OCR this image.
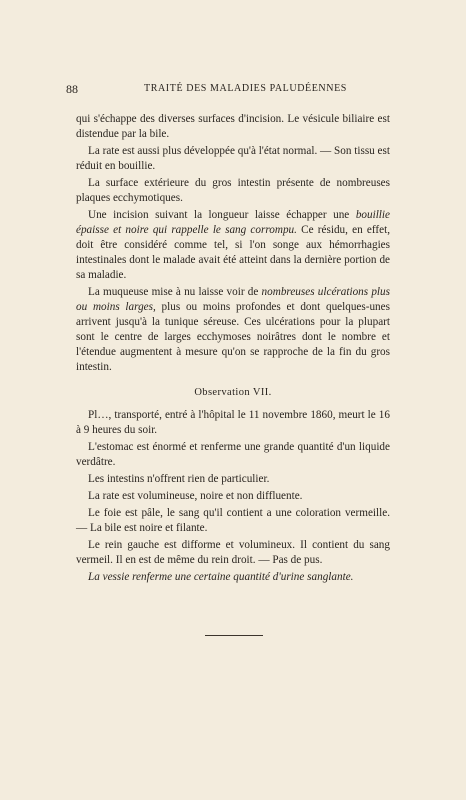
88	TRAITÉ DES MALADIES PALUDÉENNES

qui s'échappe des diverses surfaces d'incision. Le vésicule biliaire est distendue par la bile.

La rate est aussi plus développée qu'à l'état normal. — Son tissu est réduit en bouillie.

La surface extérieure du gros intestin présente de nombreuses plaques ecchymotiques.

Une incision suivant la longueur laisse échapper une bouillie épaisse et noire qui rappelle le sang corrompu. Ce résidu, en effet, doit être considéré comme tel, si l'on songe aux hémorrhagies intestinales dont le malade avait été atteint dans la dernière portion de sa maladie.

La muqueuse mise à nu laisse voir de nombreuses ulcérations plus ou moins larges, plus ou moins profondes et dont quelques-unes arrivent jusqu'à la tunique séreuse. Ces ulcérations pour la plupart sont le centre de larges ecchymoses noirâtres dont le nombre et l'étendue augmentent à mesure qu'on se rapproche de la fin du gros intestin.

Observation VII.

Pl…, transporté, entré à l'hôpital le 11 novembre 1860, meurt le 16 à 9 heures du soir.

L'estomac est énormé et renferme une grande quantité d'un liquide verdâtre.

Les intestins n'offrent rien de particulier.

La rate est volumineuse, noire et non diffluente.

Le foie est pâle, le sang qu'il contient a une coloration vermeille. — La bile est noire et filante.

Le rein gauche est difforme et volumineux. Il contient du sang vermeil. Il en est de même du rein droit. — Pas de pus.

La vessie renferme une certaine quantité d'urine sanglante.
